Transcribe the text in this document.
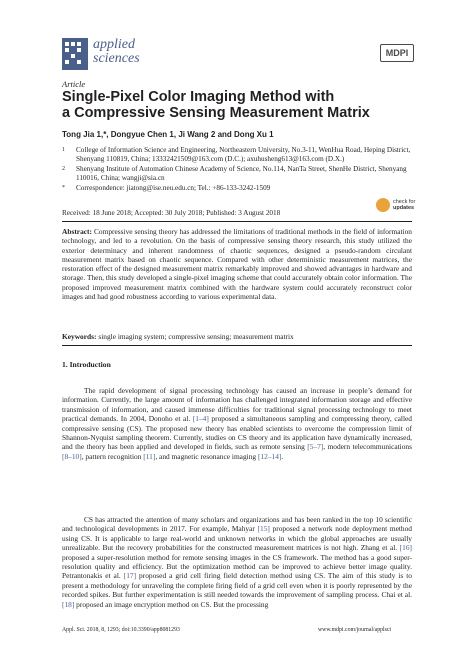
applied
sciences	MDPI
Article
Single-Pixel Color Imaging Method with
a Compressive Sensing Measurement Matrix
Tong Jia 1,*, Dongyue Chen 1, Ji Wang 2 and Dong Xu 1
1	College of Information Science and Engineering, Northeastern University, No.3-11, WenHua Road, Heping District, Shenyang 110819, China; 13332421509@163.com (D.C.); axuhusheng613@163.com (D.X.)
2	Shenyang Institute of Automation Chinese Academy of Science, No.114, NanTa Street, ShenHe District, Shenyang 110016, China; wangji@sia.cn
*	Correspondence: jiatong@ise.neu.edu.cn; Tel.: +86-133-3242-1509
check for
updates
Received: 18 June 2018; Accepted: 30 July 2018; Published: 3 August 2018
Abstract: Compressive sensing theory has addressed the limitations of traditional methods in the field of information technology, and led to a revolution. On the basis of compressive sensing theory research, this study utilized the exterior determinacy and inherent randomness of chaotic sequences, designed a pseudo-random circulant measurement matrix based on chaotic sequence. Compared with other deterministic measurement matrices, the restoration effect of the designed measurement matrix remarkably improved and showed advantages in hardware and storage. Then, this study developed a single-pixel imaging scheme that could accurately obtain color information. The proposed improved measurement matrix combined with the hardware system could accurately reconstruct color images and had good robustness according to various experimental data.
Keywords: single imaging system; compressive sensing; measurement matrix
1. Introduction

The rapid development of signal processing technology has caused an increase in people’s demand for information. Currently, the large amount of information has challenged integrated information storage and effective transmission of information, and caused immense difficulties for traditional signal processing technology to meet practical demands. In 2004, Donoho et al. [1–4] proposed a simultaneous sampling and compressing theory, called compressive sensing (CS). The proposed new theory has enabled scientists to overcome the compression limit of Shannon-Nyquist sampling theorem. Currently, studies on CS theory and its application have dynamically increased, and the theory has been applied and developed in fields, such as remote sensing [5–7], modern telecommunications [8–10], pattern recognition [11], and magnetic resonance imaging [12–14].

CS has attracted the attention of many scholars and organizations and has been ranked in the top 10 scientific and technological developments in 2017. For example, Mahyar [15] proposed a network node deployment method using CS. It is applicable to large real-world and unknown networks in which the global approaches are usually unrealizable. But the recovery probabilities for the constructed measurement matrices is not high. Zhang et al. [16] proposed a super-resolution method for remote sensing images in the CS framework. The method has a good super-resolution quality and efficiency. But the optimization method can be improved to achieve better image quality. Petrantonakis et al. [17] proposed a grid cell firing field detection method using CS. The aim of this study is to present a methodology for unraveling the complete firing field of a grid cell even when it is poorly represented by the recorded spikes. But further experimentation is still needed towards the improvement of sampling process. Chai et al. [18] proposed an image encryption method on CS. But the processing

Appl. Sci. 2018, 8, 1293; doi:10.3390/app8081293	www.mdpi.com/journal/applsci
